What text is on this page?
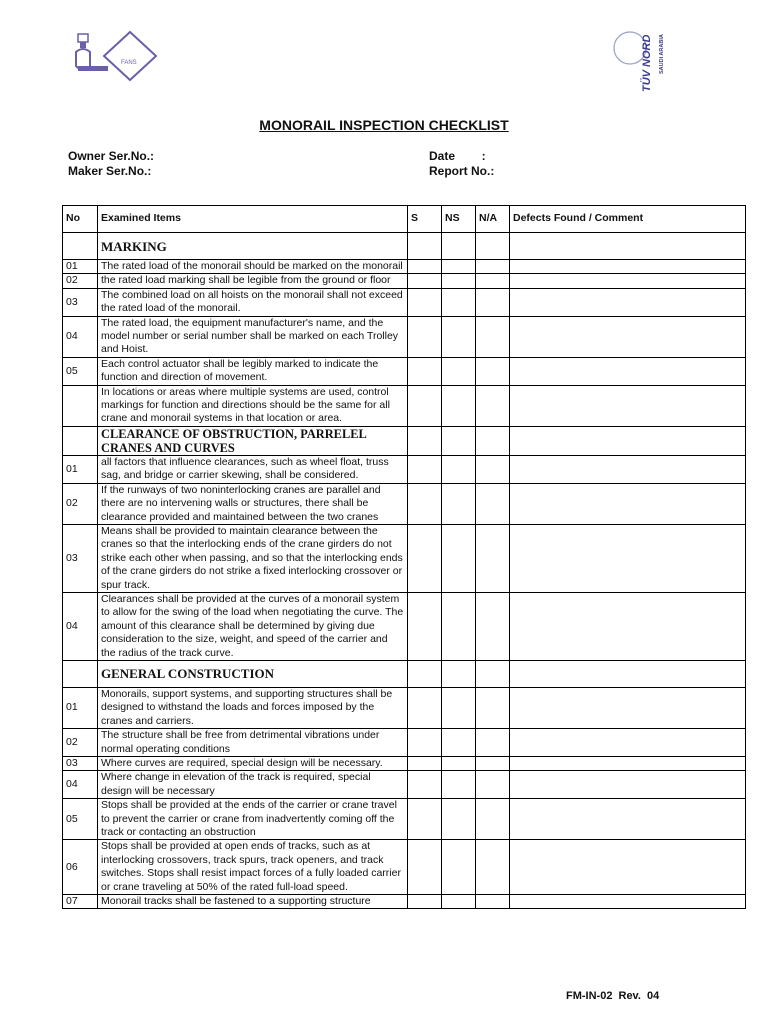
FANS	TÜV NORD SAUDI ARABIA
MONORAIL INSPECTION CHECKLIST
Owner Ser.No.:
Maker Ser.No.:
Date        :
Report No.:
No	Examined Items	S	NS	N/A	Defects Found / Comment
	MARKING				
01	The rated load of the monorail should be marked on the monorail				
02	the rated load marking shall be legible from the ground or floor				
03	The combined load on all hoists on the monorail shall not exceed the rated load of the monorail.				
04	The rated load, the equipment manufacturer's name, and the model number or serial number shall be marked on each Trolley and Hoist.				
05	Each control actuator shall be legibly marked to indicate the function and direction of movement.				
	In locations or areas where multiple systems are used, control markings for function and directions should be the same for all crane and monorail systems in that location or area.				
	CLEARANCE OF OBSTRUCTION, PARRELEL CRANES AND CURVES				
01	all factors that influence clearances, such as wheel float, truss sag, and bridge or carrier skewing, shall be considered.				
02	If the runways of two noninterlocking cranes are parallel and there are no intervening walls or structures, there shall be clearance provided and maintained between the two cranes				
03	Means shall be provided to maintain clearance between the cranes so that the interlocking ends of the crane girders do not strike each other when passing, and so that the interlocking ends of the crane girders do not strike a fixed interlocking crossover or spur track.				
04	Clearances shall be provided at the curves of a monorail system to allow for the swing of the load when negotiating the curve. The amount of this clearance shall be determined by giving due consideration to the size, weight, and speed of the carrier and the radius of the track curve.				
	GENERAL CONSTRUCTION				
01	Monorails, support systems, and supporting structures shall be designed to withstand the loads and forces imposed by the cranes and carriers.				
02	The structure shall be free from detrimental vibrations under normal operating conditions				
03	Where curves are required, special design will be necessary.				
04	Where change in elevation of the track is required, special design will be necessary				
05	Stops shall be provided at the ends of the carrier or crane travel to prevent the carrier or crane from inadvertently coming off the track or contacting an obstruction				
06	Stops shall be provided at open ends of tracks, such as at interlocking crossovers, track spurs, track openers, and track switches. Stops shall resist impact forces of a fully loaded carrier or crane traveling at 50% of the rated full-load speed.				
07	Monorail tracks shall be fastened to a supporting structure				
FM-IN-02 Rev. 04
